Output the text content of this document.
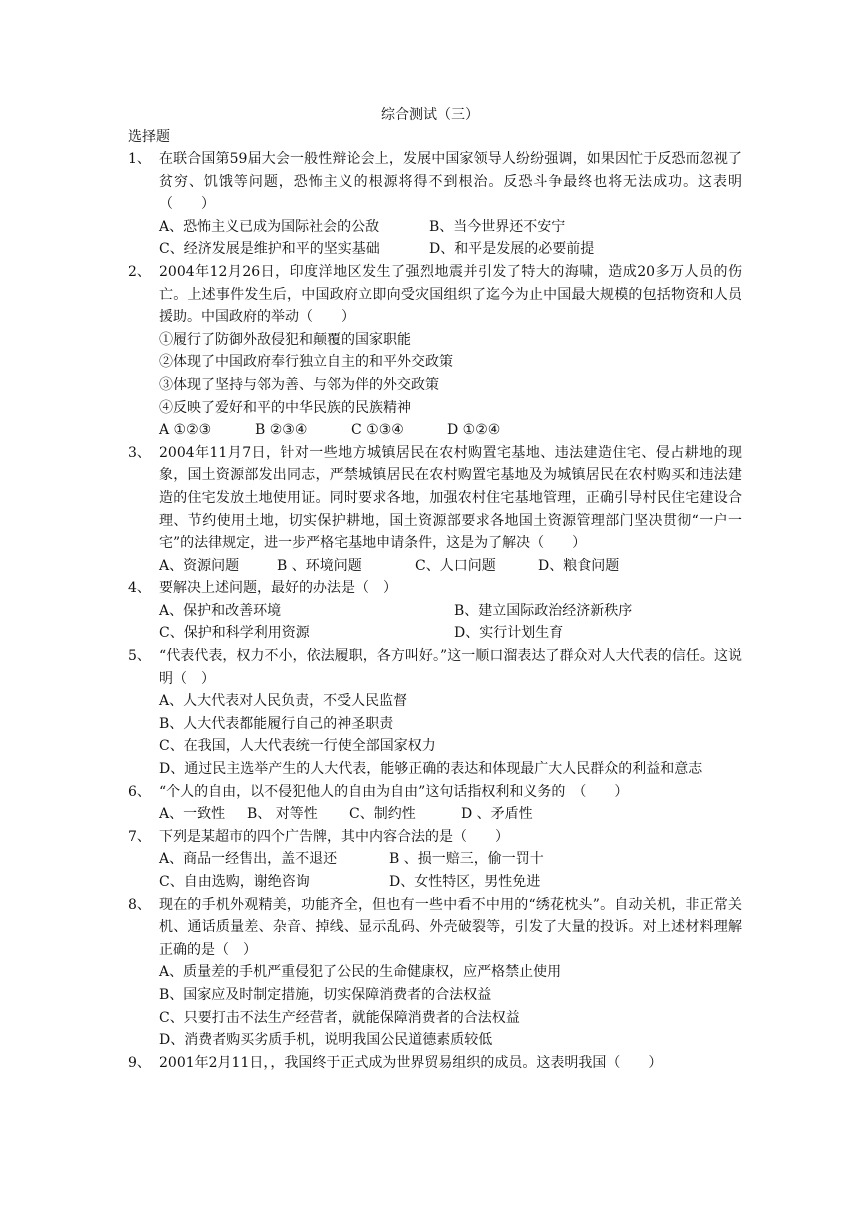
综合测试（三）
选择题
1、 在联合国第59届大会一般性辩论会上，发展中国家领导人纷纷强调，如果因忙于反恐而忽视了贫穷、饥饿等问题，恐怖主义的根源将得不到根治。反恐斗争最终也将无法成功。这表明（　　）
A、恐怖主义已成为国际社会的公敌	B、当今世界还不安宁
C、经济发展是维护和平的坚实基础	D、和平是发展的必要前提
2、 2004年12月26日，印度洋地区发生了强烈地震并引发了特大的海啸，造成20多万人员的伤亡。上述事件发生后，中国政府立即向受灾国组织了迄今为止中国最大规模的包括物资和人员援助。中国政府的举动（　　）
①履行了防御外敌侵犯和颠覆的国家职能
②体现了中国政府奉行独立自主的和平外交政策
③体现了坚持与邻为善、与邻为伴的外交政策
④反映了爱好和平的中华民族的民族精神
A ①②③	B ②③④	C ①③④	D ①②④
3、 2004年11月7日，针对一些地方城镇居民在农村购置宅基地、违法建造住宅、侵占耕地的现象，国土资源部发出同志，严禁城镇居民在农村购置宅基地及为城镇居民在农村购买和违法建造的住宅发放土地使用证。同时要求各地，加强农村住宅基地管理，正确引导村民住宅建设合理、节约使用土地，切实保护耕地，国土资源部要求各地国土资源管理部门坚决贯彻“一户一宅”的法律规定，进一步严格宅基地申请条件，这是为了解决（　　）
A、资源问题	B 、环境问题	C、人口问题	D、粮食问题
4、 要解决上述问题，最好的办法是（　）
A、保护和改善环境	B、建立国际政治经济新秩序
C、保护和科学利用资源	D、实行计划生育
5、 “代表代表，权力不小，依法履职，各方叫好。”这一顺口溜表达了群众对人大代表的信任。这说明（　）
A、人大代表对人民负责，不受人民监督
B、人大代表都能履行自己的神圣职责
C、在我国，人大代表统一行使全部国家权力
D、通过民主选举产生的人大代表，能够正确的表达和体现最广大人民群众的利益和意志
6、 “个人的自由，以不侵犯他人的自由为自由”这句话指权利和义务的　（　　）
A、一致性 B、 对等性 C、制约性	D 、矛盾性
7、 下列是某超市的四个广告牌，其中内容合法的是（　　）
A、商品一经售出，盖不退还	B 、损一赔三，偷一罚十
C、自由选购，谢绝咨询	D、女性特区，男性免进
8、 现在的手机外观精美，功能齐全，但也有一些中看不中用的“绣花枕头”。自动关机，非正常关机、通话质量差、杂音、掉线、显示乱码、外壳破裂等，引发了大量的投诉。对上述材料理解正确的是（　）
A、质量差的手机严重侵犯了公民的生命健康权，应严格禁止使用
B、国家应及时制定措施，切实保障消费者的合法权益
C、只要打击不法生产经营者，就能保障消费者的合法权益
D、消费者购买劣质手机，说明我国公民道德素质较低
9、 2001年2月11日，，我国终于正式成为世界贸易组织的成员。这表明我国（　　）
